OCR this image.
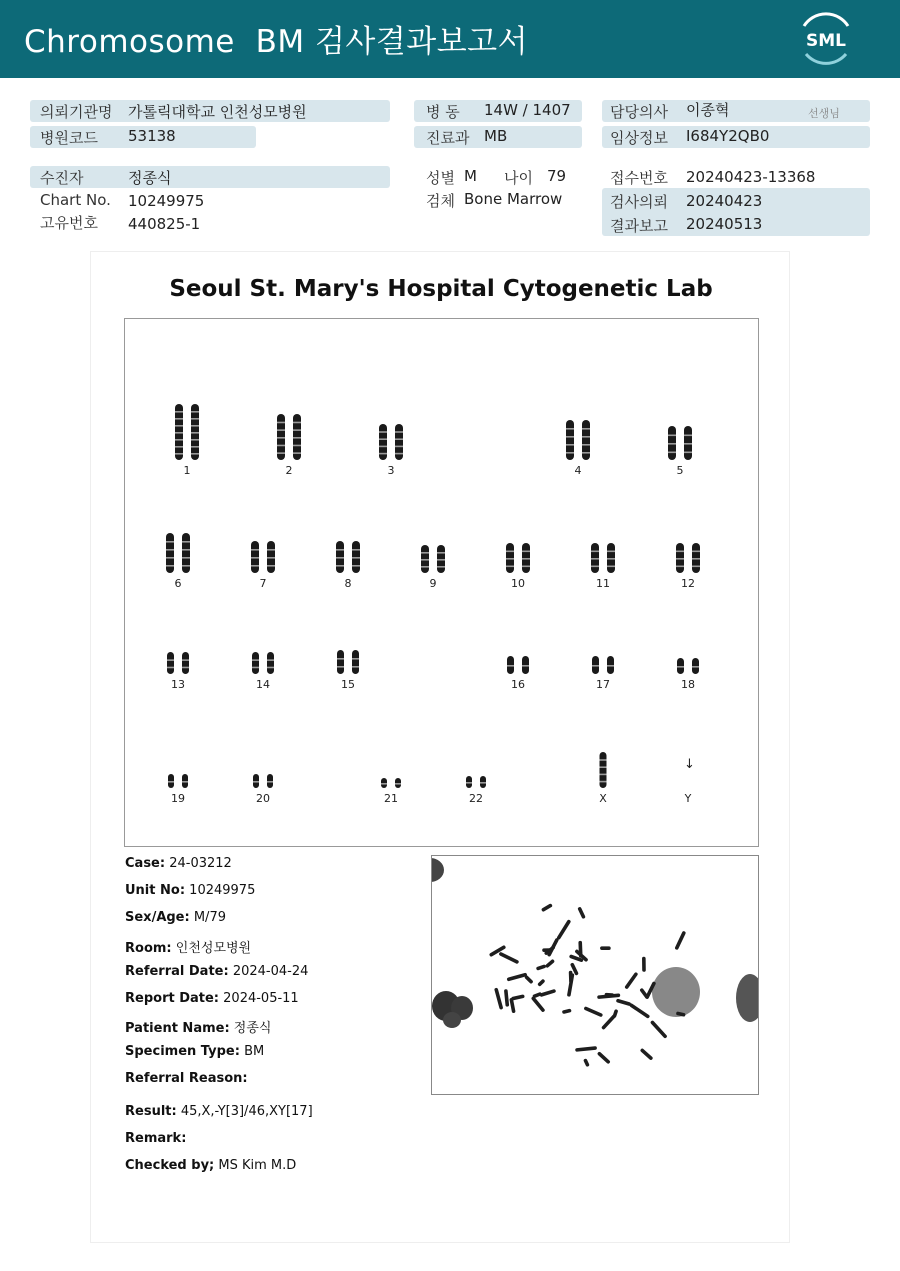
Chromosome  BM 검사결과보고서	SML
의뢰기관명 가톨릭대학교 인천성모병원
병원코드 53138
수진자	정종식
Chart No. 10249975
고유번호 440825-1
병 동 14W / 1407
진료과 MB
성별 M 나이 79
검체 Bone Marrow
담당의사 이종혁	선생님
임상정보 I684Y2QB0
접수번호 20240423-13368
검사의뢰 20240423
결과보고 20240513
Seoul St. Mary's Hospital Cytogenetic Lab
1	2	3	4	5
6	7	8	9	10	11	12
13	14	15	16	17	18
19	20	21	22	X
↓
Y
Case: 24-03212
Unit No: 10249975
Sex/Age: M/79
Room: 인천성모병원
Referral Date: 2024-04-24
Report Date: 2024-05-11
Patient Name: 정종식
Specimen Type: BM
Referral Reason:
Result: 45,X,-Y[3]/46,XY[17]
Remark:
Checked by; MS Kim M.D
